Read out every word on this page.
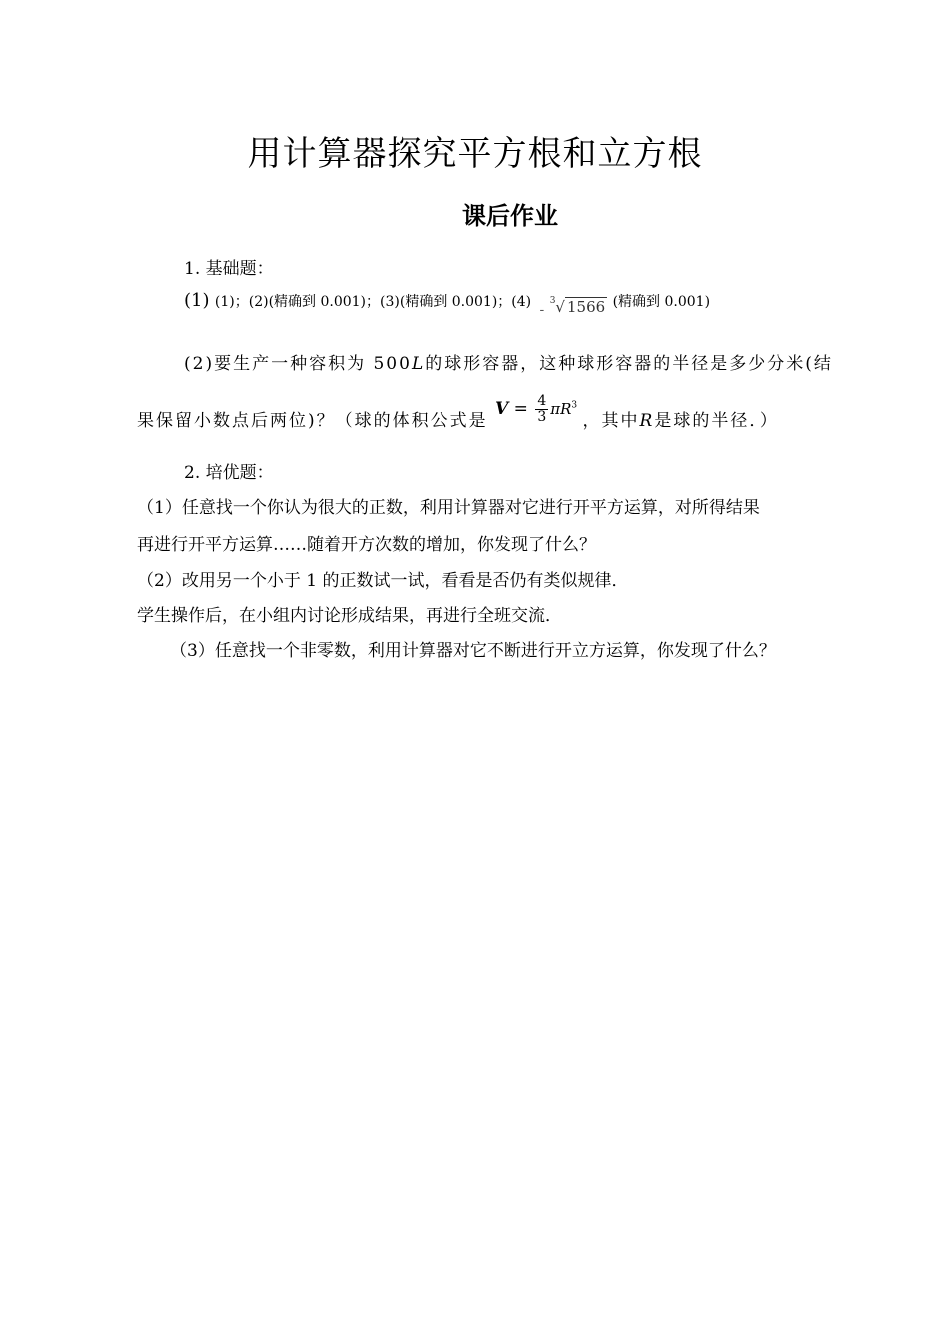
用计算器探究平方根和立方根
课后作业
1. 基础题：
(1) (1)；(2)(精确到 0.001)；(3)(精确到 0.001)；(4) $_-$ $^3$√ 1566 (精确到 0.001)
(2)要生产一种容积为 500L的球形容器，这种球形容器的半径是多少分米(结
果保留小数点后两位)？（球的体积公式是 $V = \frac{4}{3} \pi R^3$ ，其中R是球的半径．）
2. 培优题：
（1）任意找一个你认为很大的正数，利用计算器对它进行开平方运算，对所得结果
再进行开平方运算……随着开方次数的增加，你发现了什么？
（2）改用另一个小于 1 的正数试一试，看看是否仍有类似规律．
学生操作后，在小组内讨论形成结果，再进行全班交流．
（3）任意找一个非零数，利用计算器对它不断进行开立方运算，你发现了什么？
